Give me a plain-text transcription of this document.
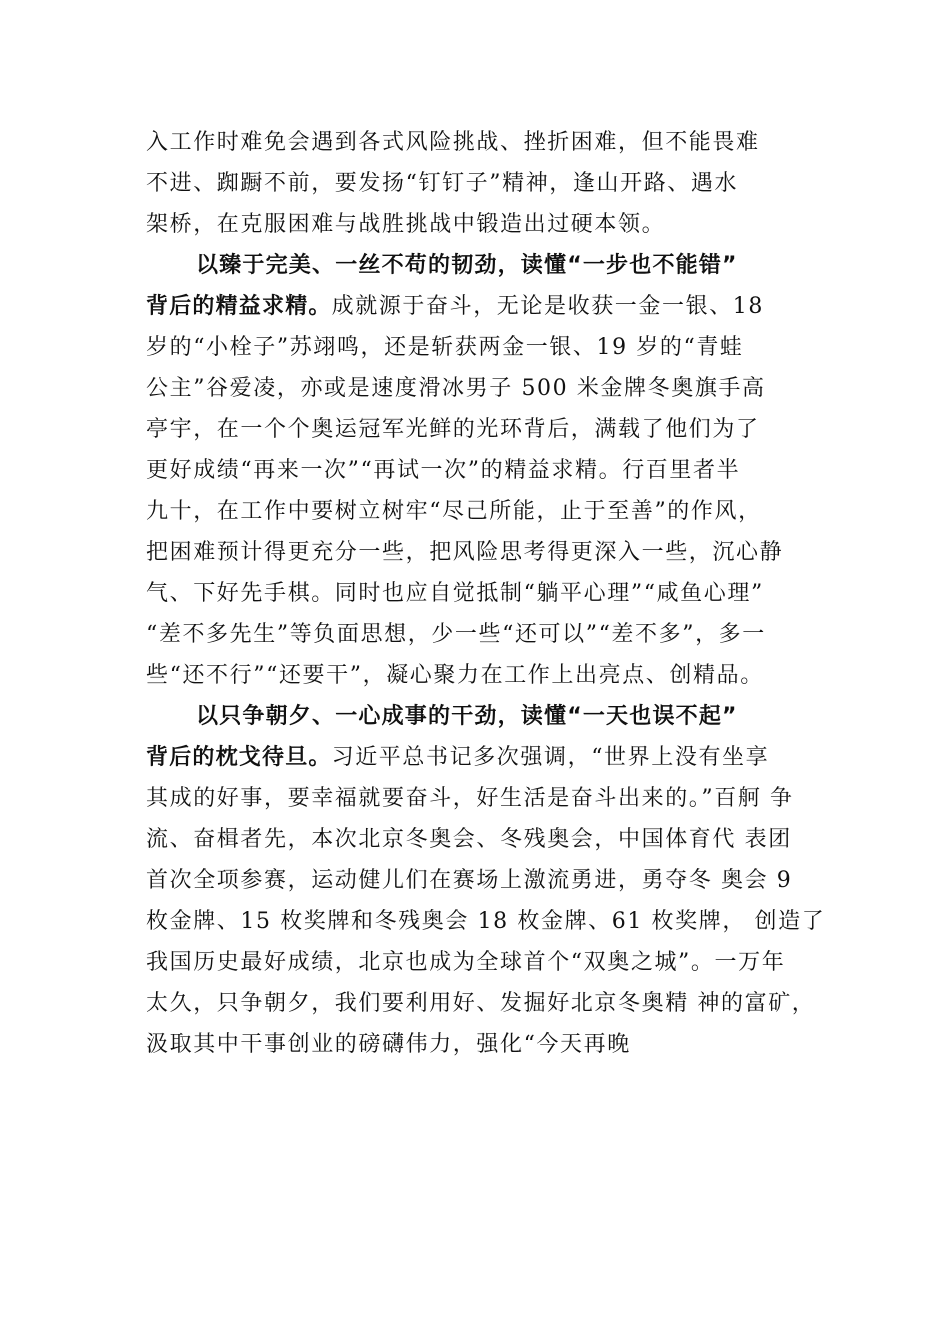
入工作时难免会遇到各式风险挑战、挫折困难，但不能畏难
不进、踟蹰不前，要发扬“钉钉子”精神，逢山开路、遇水
架桥，在克服困难与战胜挑战中锻造出过硬本领。
以臻于完美、一丝不苟的韧劲，读懂“一步也不能错”
背后的精益求精。成就源于奋斗，无论是收获一金一银、18
岁的“小栓子”苏翊鸣，还是斩获两金一银、19 岁的“青蛙
公主”谷爱凌，亦或是速度滑冰男子 500 米金牌冬奥旗手高
亭宇，在一个个奥运冠军光鲜的光环背后，满载了他们为了
更好成绩“再来一次”“再试一次”的精益求精。行百里者半
九十，在工作中要树立树牢“尽己所能，止于至善”的作风，
把困难预计得更充分一些，把风险思考得更深入一些，沉心静
气、下好先手棋。同时也应自觉抵制“躺平心理”“咸鱼心理”
“差不多先生”等负面思想，少一些“还可以”“差不多”，多一
些“还不行”“还要干”，凝心聚力在工作上出亮点、创精品。
以只争朝夕、一心成事的干劲，读懂“一天也误不起”
背后的枕戈待旦。习近平总书记多次强调，“世界上没有坐享
其成的好事，要幸福就要奋斗，好生活是奋斗出来的。”百舸 争
流、奋楫者先，本次北京冬奥会、冬残奥会，中国体育代 表团
首次全项参赛，运动健儿们在赛场上激流勇进，勇夺冬 奥会 9
枚金牌、15 枚奖牌和冬残奥会 18 枚金牌、61 枚奖牌， 创造了
我国历史最好成绩，北京也成为全球首个“双奥之城”。一万年
太久，只争朝夕，我们要利用好、发掘好北京冬奥精 神的富矿，
汲取其中干事创业的磅礴伟力，强化“今天再晚
